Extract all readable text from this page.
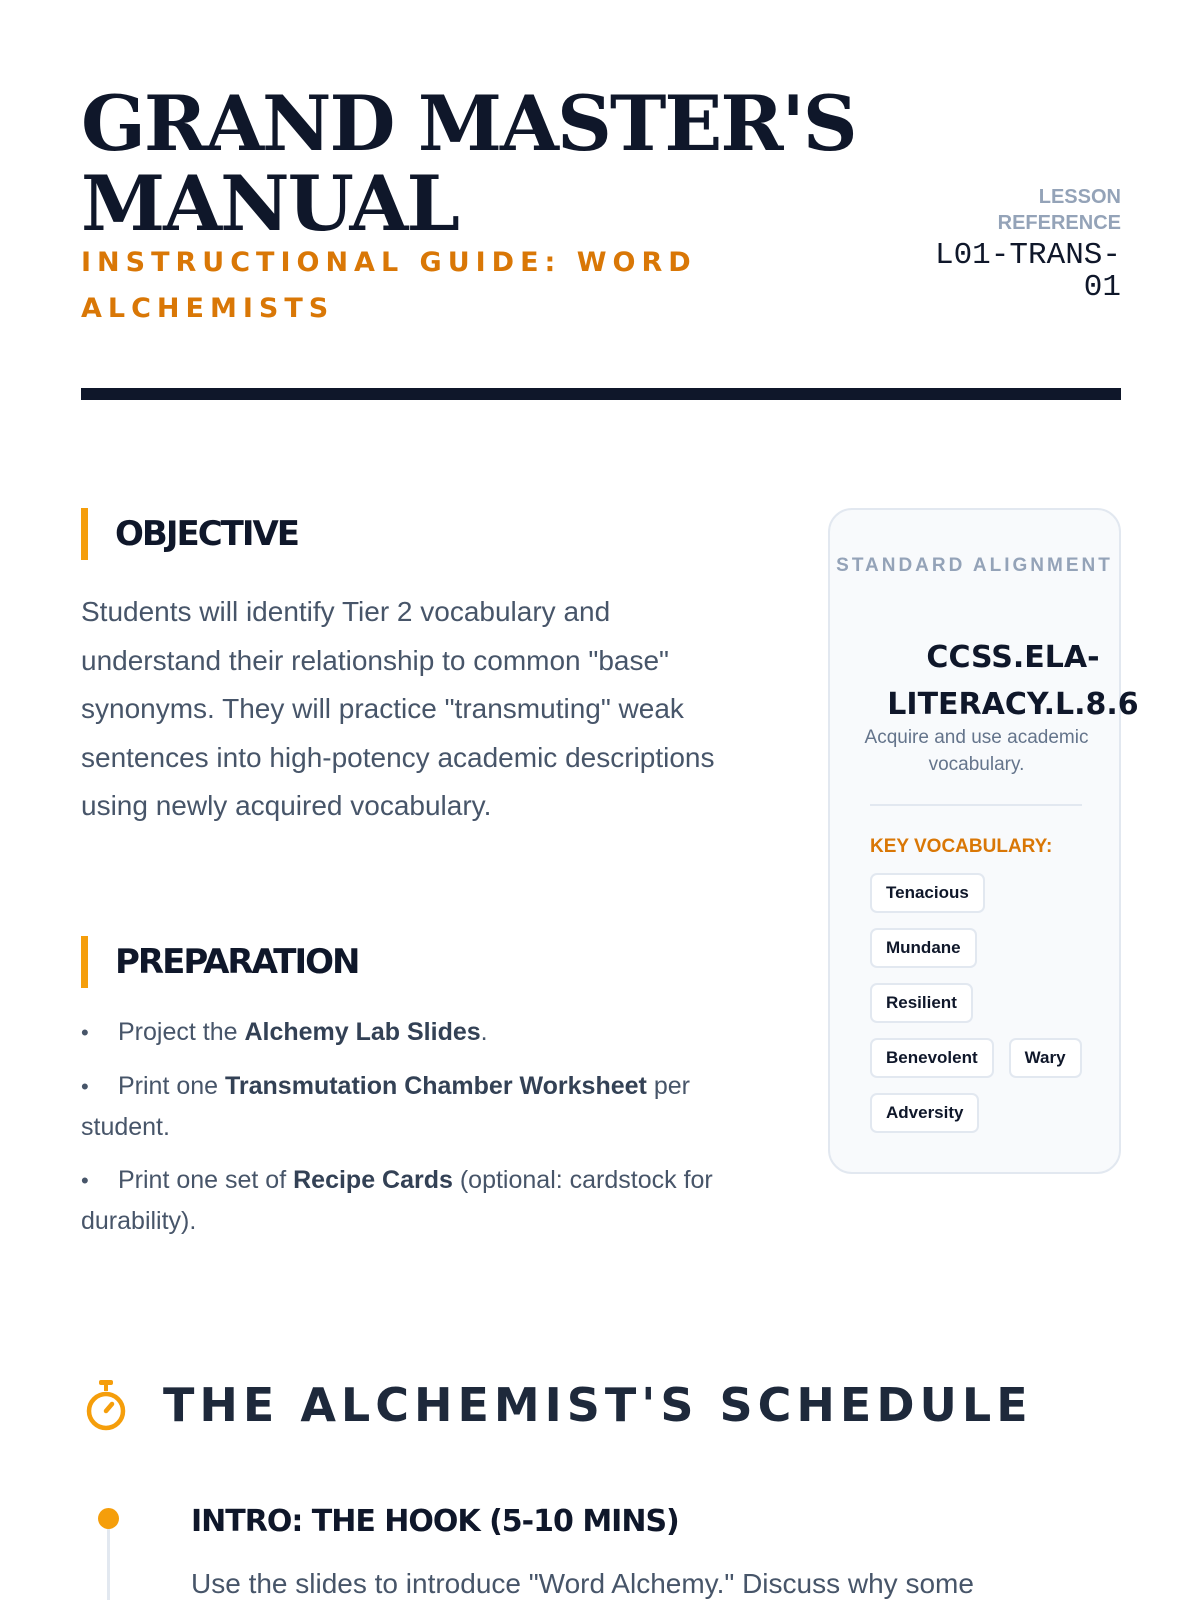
GRAND MASTER'S MANUAL
INSTRUCTIONAL GUIDE: WORD ALCHEMISTS
LESSON REFERENCE
L01-TRANS-01
OBJECTIVE

Students will identify Tier 2 vocabulary and understand their relationship to common "base" synonyms. They will practice "transmuting" weak sentences into high-potency academic descriptions using newly acquired vocabulary.

PREPARATION
• Project the Alchemy Lab Slides.
• Print one Transmutation Chamber Worksheet per student.
• Print one set of Recipe Cards (optional: cardstock for durability).
STANDARD ALIGNMENT
CCSS.ELA-LITERACY.L.8.6
Acquire and use academic vocabulary.
KEY VOCABULARY:
Tenacious
Mundane
Resilient
Benevolent	Wary
Adversity
THE ALCHEMIST'S SCHEDULE
INTRO: THE HOOK (5-10 MINS)

Use the slides to introduce "Word Alchemy." Discuss why some
